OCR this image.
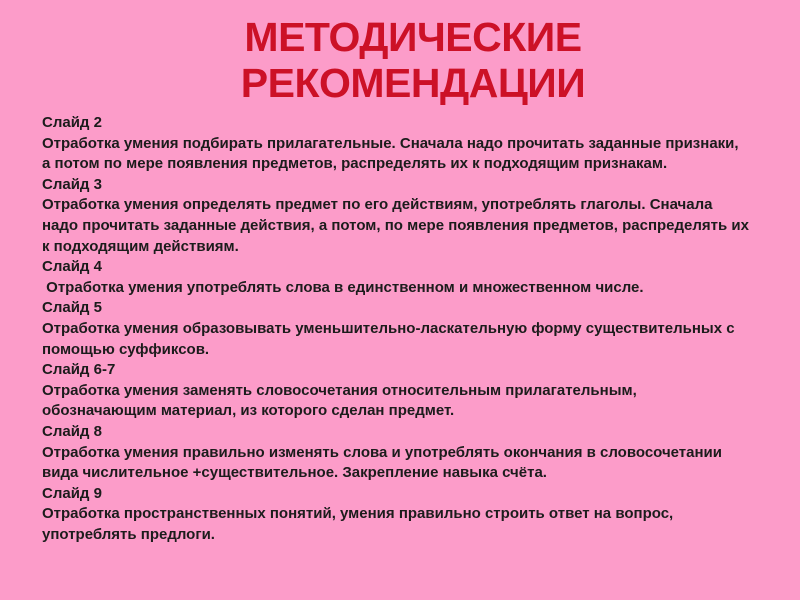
МЕТОДИЧЕСКИЕ
РЕКОМЕНДАЦИИ
Слайд 2

Отработка умения подбирать прилагательные. Сначала надо прочитать заданные признаки, а потом по мере появления предметов, распределять их к подходящим признакам.

Слайд 3

Отработка умения определять предмет по его действиям, употреблять глаголы. Сначала надо прочитать заданные действия, а потом, по мере появления предметов, распределять их к подходящим действиям.

Слайд 4

Отработка умения употреблять слова в единственном и множественном числе.

Слайд 5

Отработка умения образовывать уменьшительно-ласкательную форму существительных с помощью суффиксов.

Слайд 6-7

Отработка умения заменять словосочетания относительным прилагательным, обозначающим материал, из которого сделан предмет.

Слайд 8

Отработка умения правильно изменять слова и употреблять окончания в словосочетании вида числительное +существительное. Закрепление навыка счёта.

Слайд 9

Отработка пространственных понятий, умения правильно строить ответ на вопрос, употреблять предлоги.
